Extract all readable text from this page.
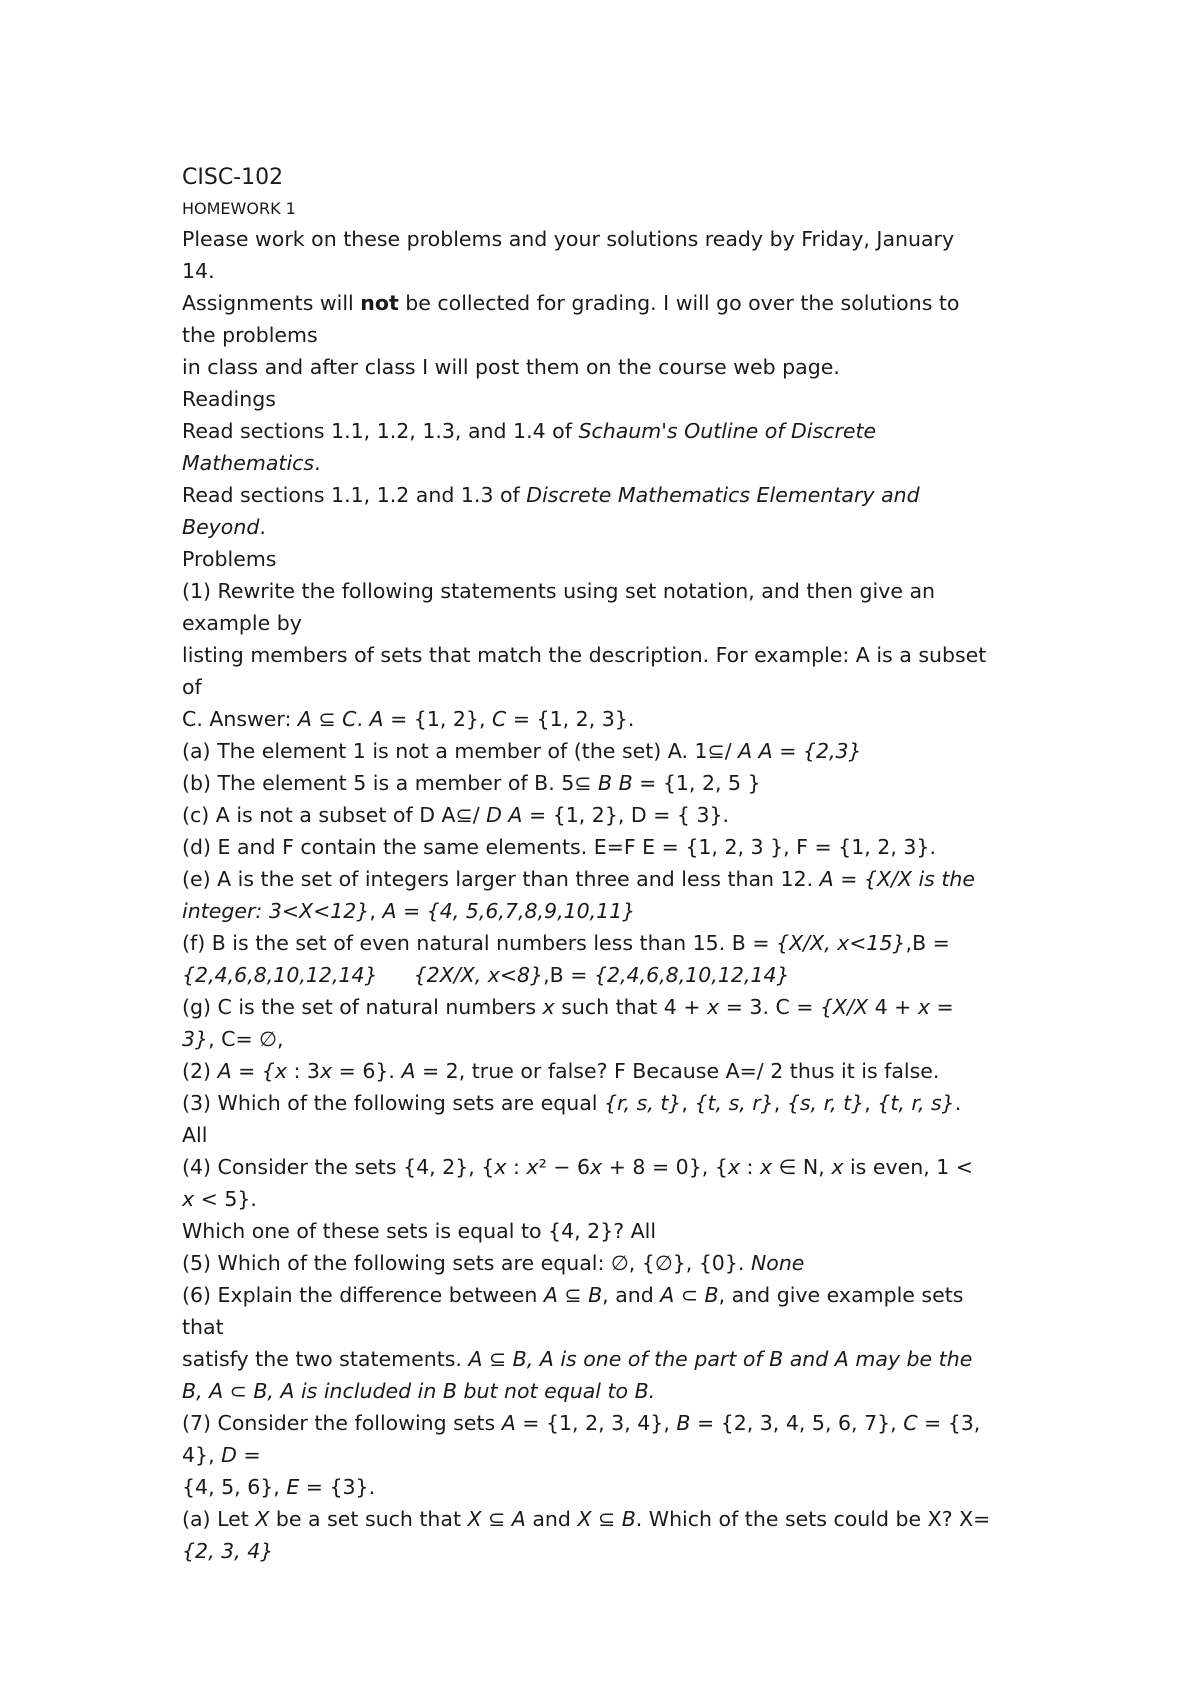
CISC-102
HOMEWORK 1
Please work on these problems and your solutions ready by Friday, January
14.
Assignments will not be collected for grading. I will go over the solutions to
the problems
in class and after class I will post them on the course web page.
Readings
Read sections 1.1, 1.2, 1.3, and 1.4 of Schaum's Outline of Discrete
Mathematics.
Read sections 1.1, 1.2 and 1.3 of Discrete Mathematics Elementary and
Beyond.
Problems
(1) Rewrite the following statements using set notation, and then give an
example by
listing members of sets that match the description. For example: A is a subset
of
C. Answer: A ⊆ C. A = {1, 2}, C = {1, 2, 3}.
(a) The element 1 is not a member of (the set) A. 1⊆/ A A = {2,3}
(b) The element 5 is a member of B. 5⊆ B B = {1, 2, 5 }
(c) A is not a subset of D A⊆/ D A = {1, 2}, D = { 3}.
(d) E and F contain the same elements. E=F E = {1, 2, 3 }, F = {1, 2, 3}.
(e) A is the set of integers larger than three and less than 12. A = {X/X is the
integer: 3<X<12}, A = {4, 5,6,7,8,9,10,11}
(f) B is the set of even natural numbers less than 15. B = {X/X, x<15},B =
{2,4,6,8,10,12,14} {2X/X, x<8},B = {2,4,6,8,10,12,14}
(g) C is the set of natural numbers x such that 4 + x = 3. C = {X/X 4 + x =
3}, C= ∅,
(2) A = {x : 3x = 6}. A = 2, true or false? F Because A=/ 2 thus it is false.
(3) Which of the following sets are equal {r, s, t}, {t, s, r}, {s, r, t}, {t, r, s}.
All
(4) Consider the sets {4, 2}, {x : x² − 6x + 8 = 0}, {x : x ∈ N, x is even, 1 <
x < 5}.
Which one of these sets is equal to {4, 2}? All
(5) Which of the following sets are equal: ∅, {∅}, {0}. None
(6) Explain the difference between A ⊆ B, and A ⊂ B, and give example sets
that
satisfy the two statements. A ⊆ B, A is one of the part of B and A may be the
B, A ⊂ B, A is included in B but not equal to B.
(7) Consider the following sets A = {1, 2, 3, 4}, B = {2, 3, 4, 5, 6, 7}, C = {3,
4}, D =
{4, 5, 6}, E = {3}.
(a) Let X be a set such that X ⊆ A and X ⊆ B. Which of the sets could be X? X=
{2, 3, 4}
